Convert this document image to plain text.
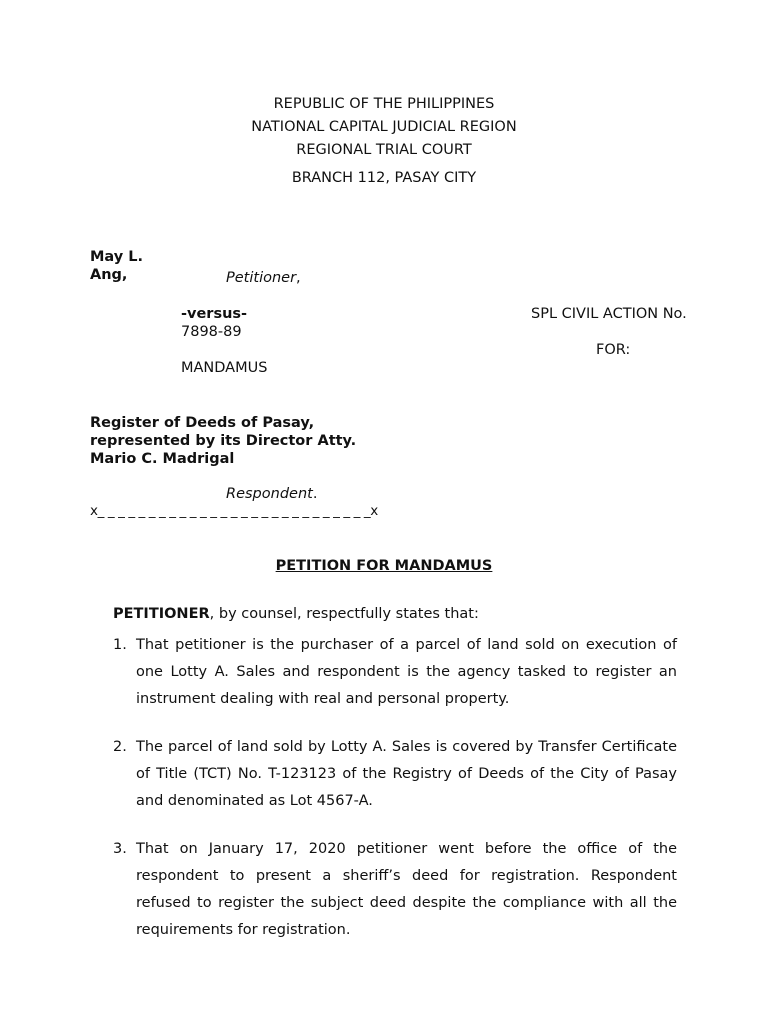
REPUBLIC OF THE PHILIPPINES
NATIONAL CAPITAL JUDICIAL REGION
REGIONAL TRIAL COURT
BRANCH 112, PASAY CITY
May L.
Ang,	Petitioner,
-versus-	SPL CIVIL ACTION No.
7898-89
FOR:
MANDAMUS
Register of Deeds of Pasay,
represented by its Director Atty.
Mario C. Madrigal
Respondent.
x_ _ _ _ _ _ _ _ _ _ _ _ _ _ _ _ _ _ _ _ _ _ _ _ _ _ _x
PETITION FOR MANDAMUS
PETITIONER, by counsel, respectfully states that:
1. That petitioner is the purchaser of a parcel of land sold on execution of one Lotty A. Sales and respondent is the agency tasked to register an instrument dealing with real and personal property.
2. The parcel of land sold by Lotty A. Sales is covered by Transfer Certificate of Title (TCT) No. T-123123 of the Registry of Deeds of the City of Pasay and denominated as Lot 4567-A.
3. That on January 17, 2020 petitioner went before the office of the respondent to present a sheriff’s deed for registration. Respondent refused to register the subject deed despite the compliance with all the requirements for registration.
